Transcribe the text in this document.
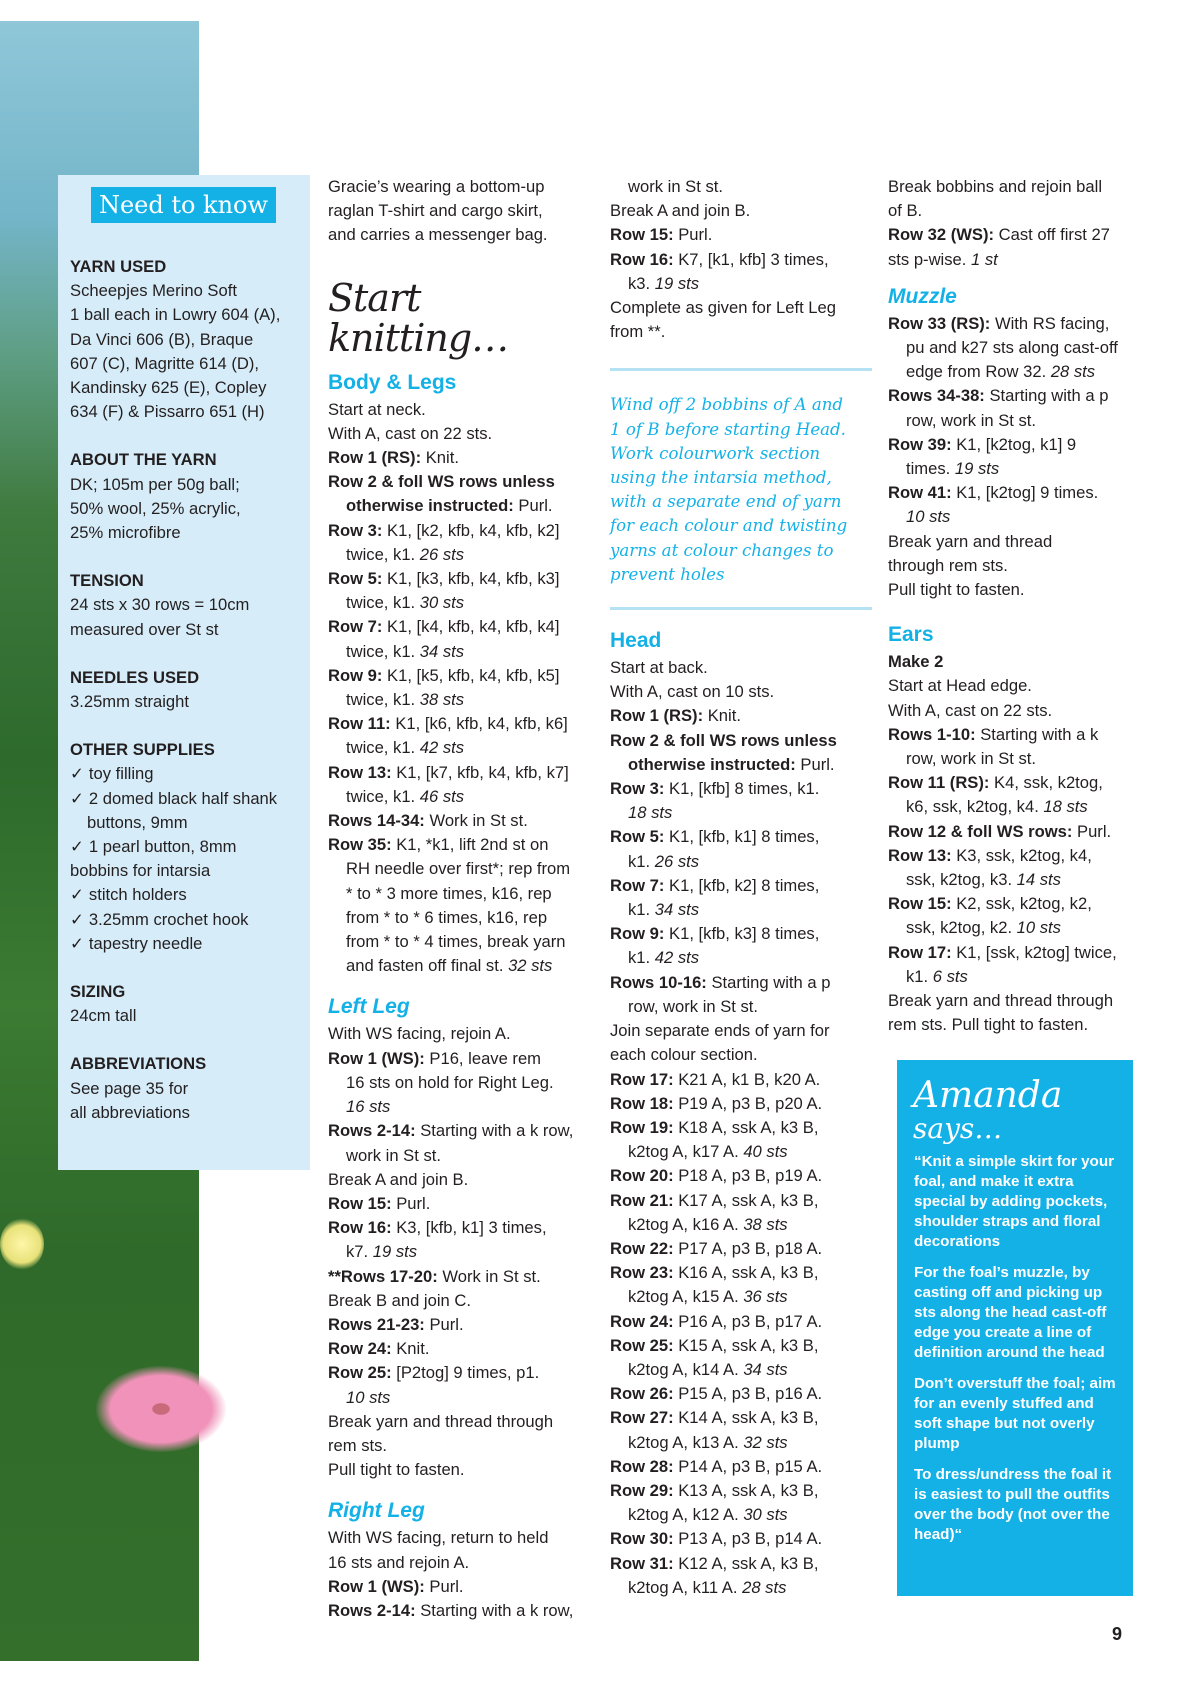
Need to know
YARN USED
Scheepjes Merino Soft
1 ball each in Lowry 604 (A),
Da Vinci 606 (B), Braque
607 (C), Magritte 614 (D),
Kandinsky 625 (E), Copley
634 (F) & Pissarro 651 (H)
ABOUT THE YARN
DK; 105m per 50g ball;
50% wool, 25% acrylic,
25% microfibre
TENSION
24 sts x 30 rows = 10cm
measured over St st
NEEDLES USED
3.25mm straight
OTHER SUPPLIES
✓ toy filling
✓ 2 domed black half shank
buttons, 9mm
✓ 1 pearl button, 8mm
bobbins for intarsia
✓ stitch holders
✓ 3.25mm crochet hook
✓ tapestry needle
SIZING
24cm tall
ABBREVIATIONS
See page 35 for
all abbreviations
Gracie’s wearing a bottom-up
raglan T-shirt and cargo skirt,
and carries a messenger bag.
Start knitting…
Body & Legs
Start at neck.
With A, cast on 22 sts.
Row 1 (RS): Knit.
Row 2 & foll WS rows unless
otherwise instructed: Purl.
Row 3: K1, [k2, kfb, k4, kfb, k2]
twice, k1. 26 sts
Row 5: K1, [k3, kfb, k4, kfb, k3]
twice, k1. 30 sts
Row 7: K1, [k4, kfb, k4, kfb, k4]
twice, k1. 34 sts
Row 9: K1, [k5, kfb, k4, kfb, k5]
twice, k1. 38 sts
Row 11: K1, [k6, kfb, k4, kfb, k6]
twice, k1. 42 sts
Row 13: K1, [k7, kfb, k4, kfb, k7]
twice, k1. 46 sts
Rows 14-34: Work in St st.
Row 35: K1, *k1, lift 2nd st on
RH needle over first*; rep from
* to * 3 more times, k16, rep
from * to * 6 times, k16, rep
from * to * 4 times, break yarn
and fasten off final st. 32 sts
Left Leg
With WS facing, rejoin A.
Row 1 (WS): P16, leave rem
16 sts on hold for Right Leg.
16 sts
Rows 2-14: Starting with a k row,
work in St st.
Break A and join B.
Row 15: Purl.
Row 16: K3, [kfb, k1] 3 times,
k7. 19 sts
**Rows 17-20: Work in St st.
Break B and join C.
Rows 21-23: Purl.
Row 24: Knit.
Row 25: [P2tog] 9 times, p1.
10 sts
Break yarn and thread through
rem sts.
Pull tight to fasten.
Right Leg
With WS facing, return to held
16 sts and rejoin A.
Row 1 (WS): Purl.
Rows 2-14: Starting with a k row,
work in St st.
Break A and join B.
Row 15: Purl.
Row 16: K7, [k1, kfb] 3 times,
k3. 19 sts
Complete as given for Left Leg
from **.
Wind off 2 bobbins of A and
1 of B before starting Head.
Work colourwork section
using the intarsia method,
with a separate end of yarn
for each colour and twisting
yarns at colour changes to
prevent holes
Head
Start at back.
With A, cast on 10 sts.
Row 1 (RS): Knit.
Row 2 & foll WS rows unless
otherwise instructed: Purl.
Row 3: K1, [kfb] 8 times, k1.
18 sts
Row 5: K1, [kfb, k1] 8 times,
k1. 26 sts
Row 7: K1, [kfb, k2] 8 times,
k1. 34 sts
Row 9: K1, [kfb, k3] 8 times,
k1. 42 sts
Rows 10-16: Starting with a p
row, work in St st.
Join separate ends of yarn for
each colour section.
Row 17: K21 A, k1 B, k20 A.
Row 18: P19 A, p3 B, p20 A.
Row 19: K18 A, ssk A, k3 B,
k2tog A, k17 A. 40 sts
Row 20: P18 A, p3 B, p19 A.
Row 21: K17 A, ssk A, k3 B,
k2tog A, k16 A. 38 sts
Row 22: P17 A, p3 B, p18 A.
Row 23: K16 A, ssk A, k3 B,
k2tog A, k15 A. 36 sts
Row 24: P16 A, p3 B, p17 A.
Row 25: K15 A, ssk A, k3 B,
k2tog A, k14 A. 34 sts
Row 26: P15 A, p3 B, p16 A.
Row 27: K14 A, ssk A, k3 B,
k2tog A, k13 A. 32 sts
Row 28: P14 A, p3 B, p15 A.
Row 29: K13 A, ssk A, k3 B,
k2tog A, k12 A. 30 sts
Row 30: P13 A, p3 B, p14 A.
Row 31: K12 A, ssk A, k3 B,
k2tog A, k11 A. 28 sts
Break bobbins and rejoin ball
of B.
Row 32 (WS): Cast off first 27
sts p-wise. 1 st
Muzzle
Row 33 (RS): With RS facing,
pu and k27 sts along cast-off
edge from Row 32. 28 sts
Rows 34-38: Starting with a p
row, work in St st.
Row 39: K1, [k2tog, k1] 9
times. 19 sts
Row 41: K1, [k2tog] 9 times.
10 sts
Break yarn and thread
through rem sts.
Pull tight to fasten.
Ears
Make 2
Start at Head edge.
With A, cast on 22 sts.
Rows 1-10: Starting with a k
row, work in St st.
Row 11 (RS): K4, ssk, k2tog,
k6, ssk, k2tog, k4. 18 sts
Row 12 & foll WS rows: Purl.
Row 13: K3, ssk, k2tog, k4,
ssk, k2tog, k3. 14 sts
Row 15: K2, ssk, k2tog, k2,
ssk, k2tog, k2. 10 sts
Row 17: K1, [ssk, k2tog] twice,
k1. 6 sts
Break yarn and thread through
rem sts. Pull tight to fasten.
Amanda
says…

“Knit a simple skirt for your foal, and make it extra special by adding pockets, shoulder straps and floral decorations

For the foal’s muzzle, by casting off and picking up sts along the head cast-off edge you create a line of definition around the head

Don’t overstuff the foal; aim for an evenly stuffed and soft shape but not overly plump

To dress/undress the foal it is easiest to pull the outfits over the body (not over the head)“

9
